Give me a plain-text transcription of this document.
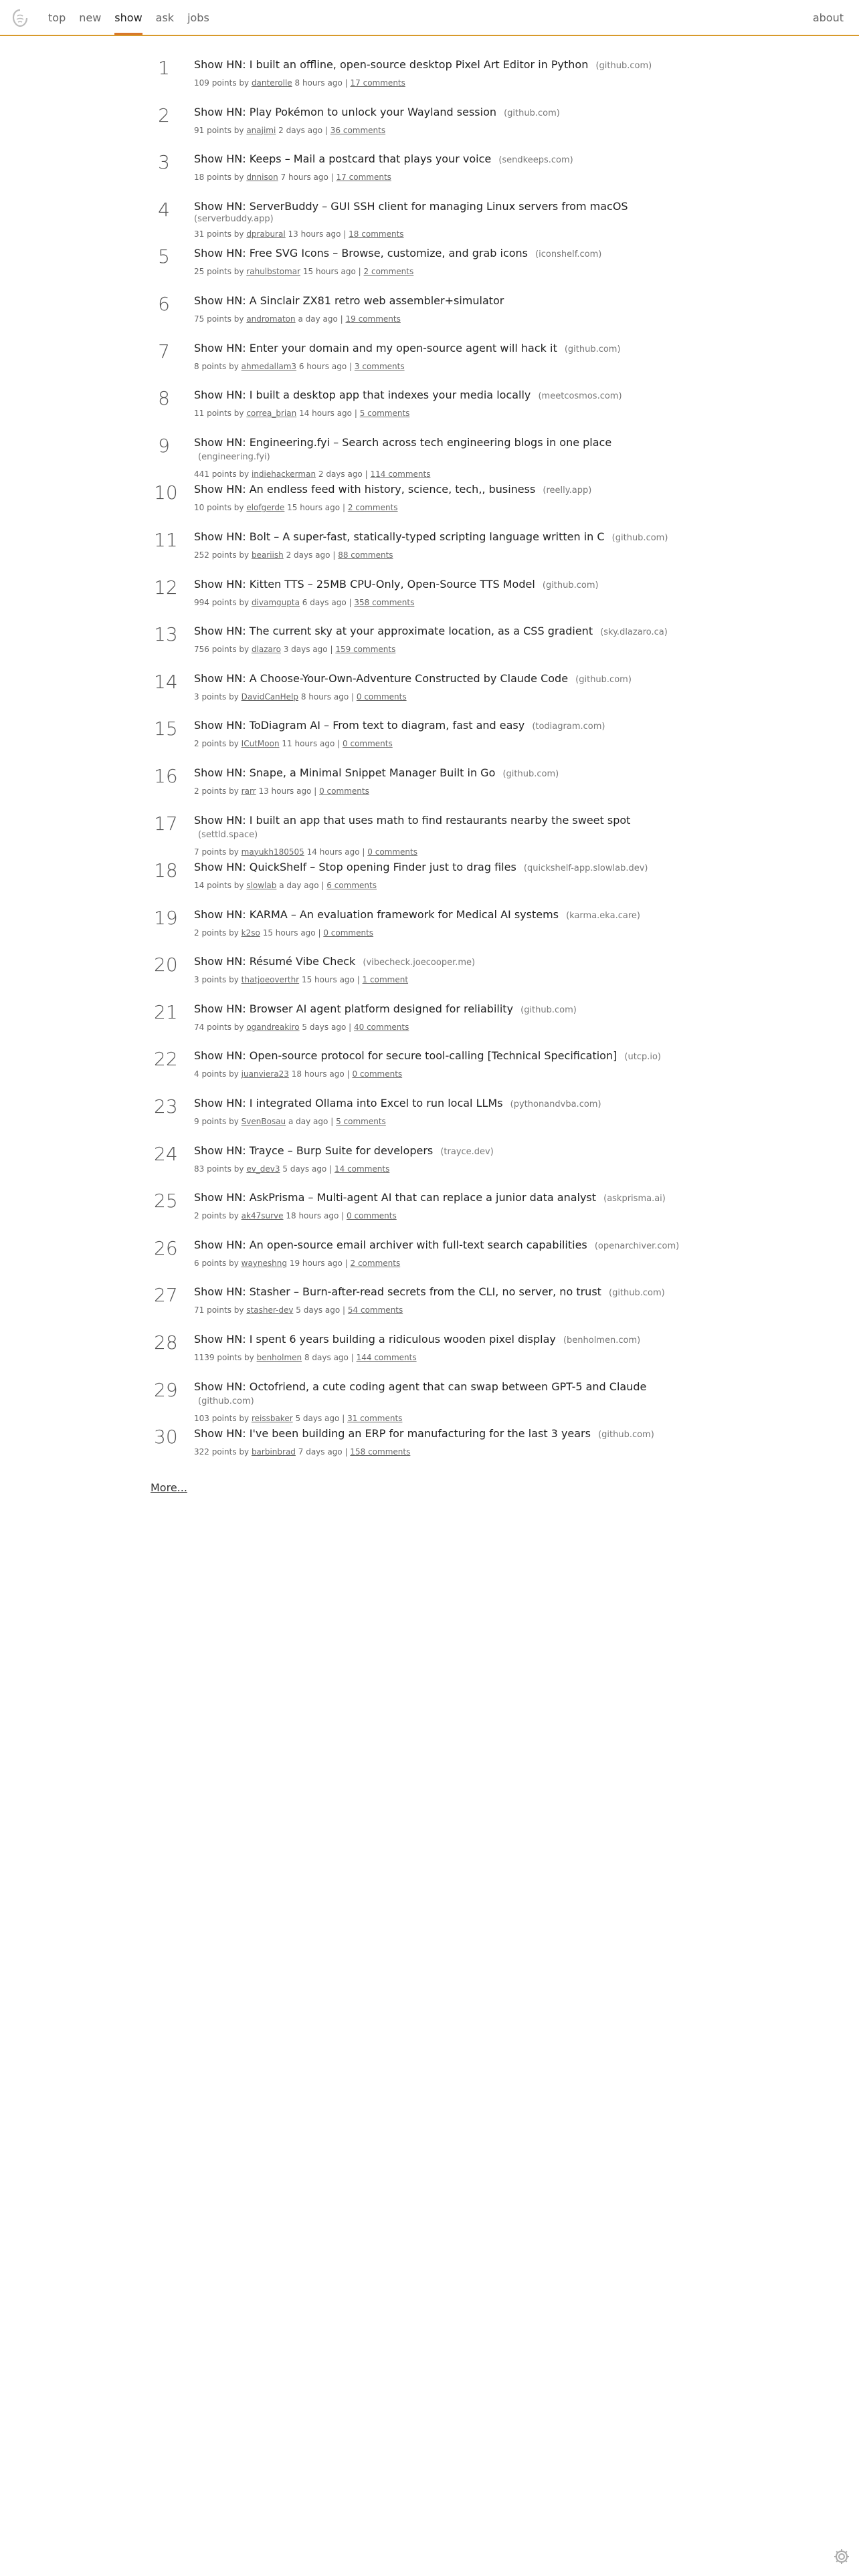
top new show ask jobs	about
1	Show HN: I built an offline, open-source desktop Pixel Art Editor in Python (github.com)
109 points by danterolle 8 hours ago | 17 comments
2	Show HN: Play Pokémon to unlock your Wayland session (github.com)
91 points by anajimi 2 days ago | 36 comments
3	Show HN: Keeps – Mail a postcard that plays your voice (sendkeeps.com)
18 points by dnnison 7 hours ago | 17 comments
4	Show HN: ServerBuddy – GUI SSH client for managing Linux servers from macOS
(serverbuddy.app)
31 points by dprabural 13 hours ago | 18 comments
5	Show HN: Free SVG Icons – Browse, customize, and grab icons (iconshelf.com)
25 points by rahulbstomar 15 hours ago | 2 comments
6	Show HN: A Sinclair ZX81 retro web assembler+simulator
75 points by andromaton a day ago | 19 comments
7	Show HN: Enter your domain and my open-source agent will hack it (github.com)
8 points by ahmedallam3 6 hours ago | 3 comments
8	Show HN: I built a desktop app that indexes your media locally (meetcosmos.com)
11 points by correa_brian 14 hours ago | 5 comments
9	Show HN: Engineering.fyi – Search across tech engineering blogs in one place (engineering.fyi)
441 points by indiehackerman 2 days ago | 114 comments
10 Show HN: An endless feed with history, science, tech,, business (reelly.app)
10 points by elofgerde 15 hours ago | 2 comments
11 Show HN: Bolt – A super-fast, statically-typed scripting language written in C (github.com)
252 points by beariish 2 days ago | 88 comments
12 Show HN: Kitten TTS – 25MB CPU-Only, Open-Source TTS Model (github.com)
994 points by divamgupta 6 days ago | 358 comments
13 Show HN: The current sky at your approximate location, as a CSS gradient (sky.dlazaro.ca)
756 points by dlazaro 3 days ago | 159 comments
14 Show HN: A Choose-Your-Own-Adventure Constructed by Claude Code (github.com)
3 points by DavidCanHelp 8 hours ago | 0 comments
15 Show HN: ToDiagram AI – From text to diagram, fast and easy (todiagram.com)
2 points by ICutMoon 11 hours ago | 0 comments
16 Show HN: Snape, a Minimal Snippet Manager Built in Go (github.com)
2 points by rarr 13 hours ago | 0 comments
17 Show HN: I built an app that uses math to find restaurants nearby the sweet spot (settld.space)
7 points by mayukh180505 14 hours ago | 0 comments
18 Show HN: QuickShelf – Stop opening Finder just to drag files (quickshelf-app.slowlab.dev)
14 points by slowlab a day ago | 6 comments
19 Show HN: KARMA – An evaluation framework for Medical AI systems (karma.eka.care)
2 points by k2so 15 hours ago | 0 comments
20 Show HN: Résumé Vibe Check (vibecheck.joecooper.me)
3 points by thatjoeoverthr 15 hours ago | 1 comment
21 Show HN: Browser AI agent platform designed for reliability (github.com)
74 points by ogandreakiro 5 days ago | 40 comments
22 Show HN: Open-source protocol for secure tool-calling [Technical Specification] (utcp.io)
4 points by juanviera23 18 hours ago | 0 comments
23 Show HN: I integrated Ollama into Excel to run local LLMs (pythonandvba.com)
9 points by SvenBosau a day ago | 5 comments
24 Show HN: Trayce – Burp Suite for developers (trayce.dev)
83 points by ev_dev3 5 days ago | 14 comments
25 Show HN: AskPrisma – Multi-agent AI that can replace a junior data analyst (askprisma.ai)
2 points by ak47surve 18 hours ago | 0 comments
26 Show HN: An open-source email archiver with full-text search capabilities (openarchiver.com)
6 points by wayneshng 19 hours ago | 2 comments
27 Show HN: Stasher – Burn-after-read secrets from the CLI, no server, no trust (github.com)
71 points by stasher-dev 5 days ago | 54 comments
28 Show HN: I spent 6 years building a ridiculous wooden pixel display (benholmen.com)
1139 points by benholmen 8 days ago | 144 comments
29 Show HN: Octofriend, a cute coding agent that can swap between GPT-5 and Claude (github.com)
103 points by reissbaker 5 days ago | 31 comments
30 Show HN: I've been building an ERP for manufacturing for the last 3 years (github.com)
322 points by barbinbrad 7 days ago | 158 comments
More...
